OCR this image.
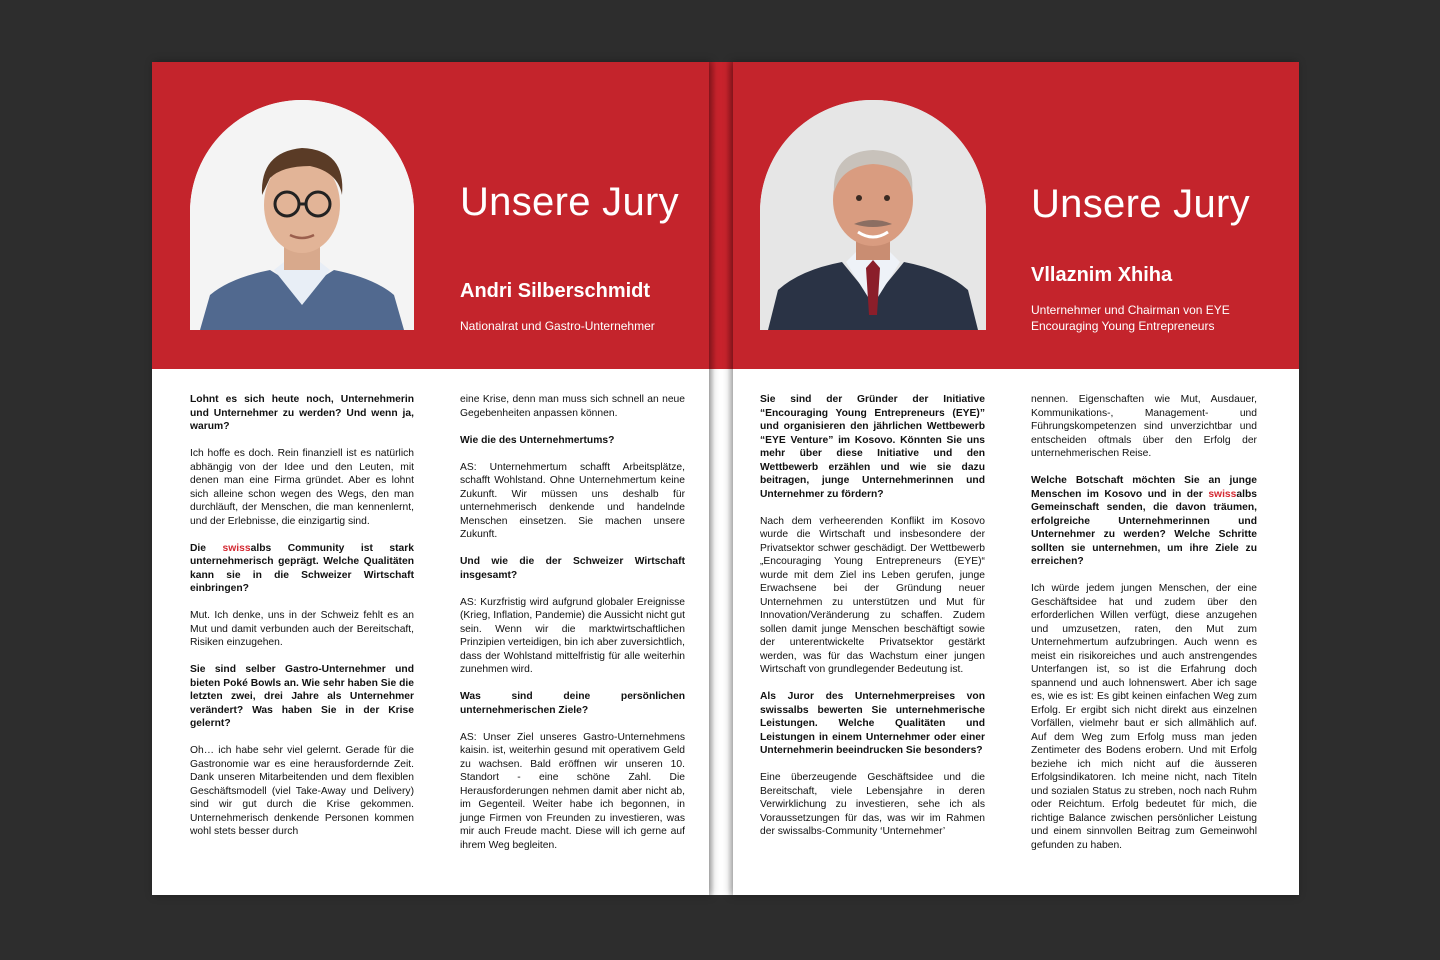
Unsere Jury
Andri Silberschmidt
Nationalrat und Gastro-Unternehmer

Lohnt es sich heute noch, Unternehmerin und Unternehmer zu werden? Und wenn ja, warum?

Ich hoffe es doch. Rein finanziell ist es natürlich abhängig von der Idee und den Leuten, mit denen man eine Firma gründet. Aber es lohnt sich alleine schon wegen des Wegs, den man durchläuft, der Menschen, die man kennenlernt, und der Erlebnisse, die einzigartig sind.

Die swissalbs Community ist stark unternehmerisch geprägt. Welche Qualitäten kann sie in die Schweizer Wirtschaft einbringen?

Mut. Ich denke, uns in der Schweiz fehlt es an Mut und damit verbunden auch der Bereitschaft, Risiken einzugehen.

Sie sind selber Gastro-Unternehmer und bieten Poké Bowls an. Wie sehr haben Sie die letzten zwei, drei Jahre als Unternehmer verändert? Was haben Sie in der Krise gelernt?

Oh… ich habe sehr viel gelernt. Gerade für die Gastronomie war es eine herausfordernde Zeit. Dank unseren Mitarbeitenden und dem flexiblen Geschäftsmodell (viel Take-Away und Delivery) sind wir gut durch die Krise gekommen. Unternehmerisch denkende Personen kommen wohl stets besser durch

eine Krise, denn man muss sich schnell an neue Gegebenheiten anpassen können.

Wie die des Unternehmertums?

AS: Unternehmertum schafft Arbeitsplätze, schafft Wohlstand. Ohne Unternehmertum keine Zukunft. Wir müssen uns deshalb für unternehmerisch denkende und handelnde Menschen einsetzen. Sie machen unsere Zukunft.

Und wie die der Schweizer Wirtschaft insgesamt?

AS: Kurzfristig wird aufgrund globaler Ereignisse (Krieg, Inflation, Pandemie) die Aussicht nicht gut sein. Wenn wir die marktwirtschaftlichen Prinzipien verteidigen, bin ich aber zuversichtlich, dass der Wohlstand mittelfristig für alle weiterhin zunehmen wird.

Was sind deine persönlichen unternehmerischen Ziele?

AS: Unser Ziel unseres Gastro-Unternehmens kaisin. ist, weiterhin gesund mit operativem Geld zu wachsen. Bald eröffnen wir unseren 10. Standort - eine schöne Zahl. Die Herausforderungen nehmen damit aber nicht ab, im Gegenteil. Weiter habe ich begonnen, in junge Firmen von Freunden zu investieren, was mir auch Freude macht. Diese will ich gerne auf ihrem Weg begleiten.

Unsere Jury
Vllaznim Xhiha
Unternehmer und Chairman von EYE
Encouraging Young Entrepreneurs

Sie sind der Gründer der Initiative “Encouraging Young Entrepreneurs (EYE)” und organisieren den jährlichen Wettbewerb “EYE Venture” im Kosovo. Könnten Sie uns mehr über diese Initiative und den Wettbewerb erzählen und wie sie dazu beitragen, junge Unternehmerinnen und Unternehmer zu fördern?

Nach dem verheerenden Konflikt im Kosovo wurde die Wirtschaft und insbesondere der Privatsektor schwer geschädigt. Der Wettbewerb „Encouraging Young Entrepreneurs (EYE)“ wurde mit dem Ziel ins Leben gerufen, junge Erwachsene bei der Gründung neuer Unternehmen zu unterstützen und Mut für Innovation/Veränderung zu schaffen. Zudem sollen damit junge Menschen beschäftigt sowie der unterentwickelte Privatsektor gestärkt werden, was für das Wachstum einer jungen Wirtschaft von grundlegender Bedeutung ist.

Als Juror des Unternehmerpreises von swissalbs bewerten Sie unternehmerische Leistungen. Welche Qualitäten und Leistungen in einem Unternehmer oder einer Unternehmerin beeindrucken Sie besonders?

Eine überzeugende Geschäftsidee und die Bereitschaft, viele Lebensjahre in deren Verwirklichung zu investieren, sehe ich als Voraussetzungen für das, was wir im Rahmen der swissalbs-Community ‘Unternehmer’

nennen. Eigenschaften wie Mut, Ausdauer, Kommunikations-, Management- und Führungskompetenzen sind unverzichtbar und entscheiden oftmals über den Erfolg der unternehmerischen Reise.

Welche Botschaft möchten Sie an junge Menschen im Kosovo und in der swissalbs Gemeinschaft senden, die davon träumen, erfolgreiche Unternehmerinnen und Unternehmer zu werden? Welche Schritte sollten sie unternehmen, um ihre Ziele zu erreichen?

Ich würde jedem jungen Menschen, der eine Geschäftsidee hat und zudem über den erforderlichen Willen verfügt, diese anzugehen und umzusetzen, raten, den Mut zum Unternehmertum aufzubringen. Auch wenn es meist ein risikoreiches und auch anstrengendes Unterfangen ist, so ist die Erfahrung doch spannend und auch lohnenswert. Aber ich sage es, wie es ist: Es gibt keinen einfachen Weg zum Erfolg. Er ergibt sich nicht direkt aus einzelnen Vorfällen, vielmehr baut er sich allmählich auf. Auf dem Weg zum Erfolg muss man jeden Zentimeter des Bodens erobern. Und mit Erfolg beziehe ich mich nicht auf die äusseren Erfolgsindikatoren. Ich meine nicht, nach Titeln und sozialen Status zu streben, noch nach Ruhm oder Reichtum. Erfolg bedeutet für mich, die richtige Balance zwischen persönlicher Leistung und einem sinnvollen Beitrag zum Gemeinwohl gefunden zu haben.
